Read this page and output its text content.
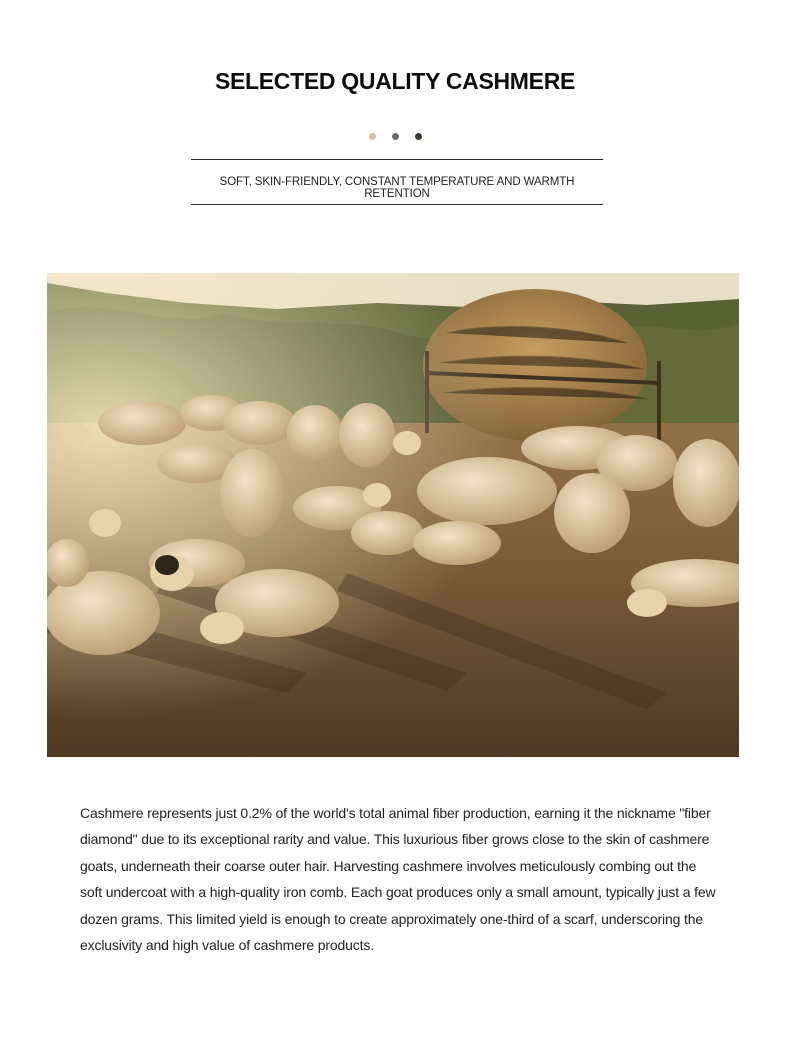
SELECTED QUALITY CASHMERE
SOFT, SKIN-FRIENDLY, CONSTANT TEMPERATURE AND WARMTH RETENTION
Cashmere represents just 0.2% of the world's total animal fiber production, earning it the nickname "fiber diamond" due to its exceptional rarity and value. This luxurious fiber grows close to the skin of cashmere goats, underneath their coarse outer hair. Harvesting cashmere involves meticulously combing out the soft undercoat with a high-quality iron comb. Each goat produces only a small amount, typically just a few dozen grams. This limited yield is enough to create approximately one-third of a scarf, underscoring the exclusivity and high value of cashmere products.
